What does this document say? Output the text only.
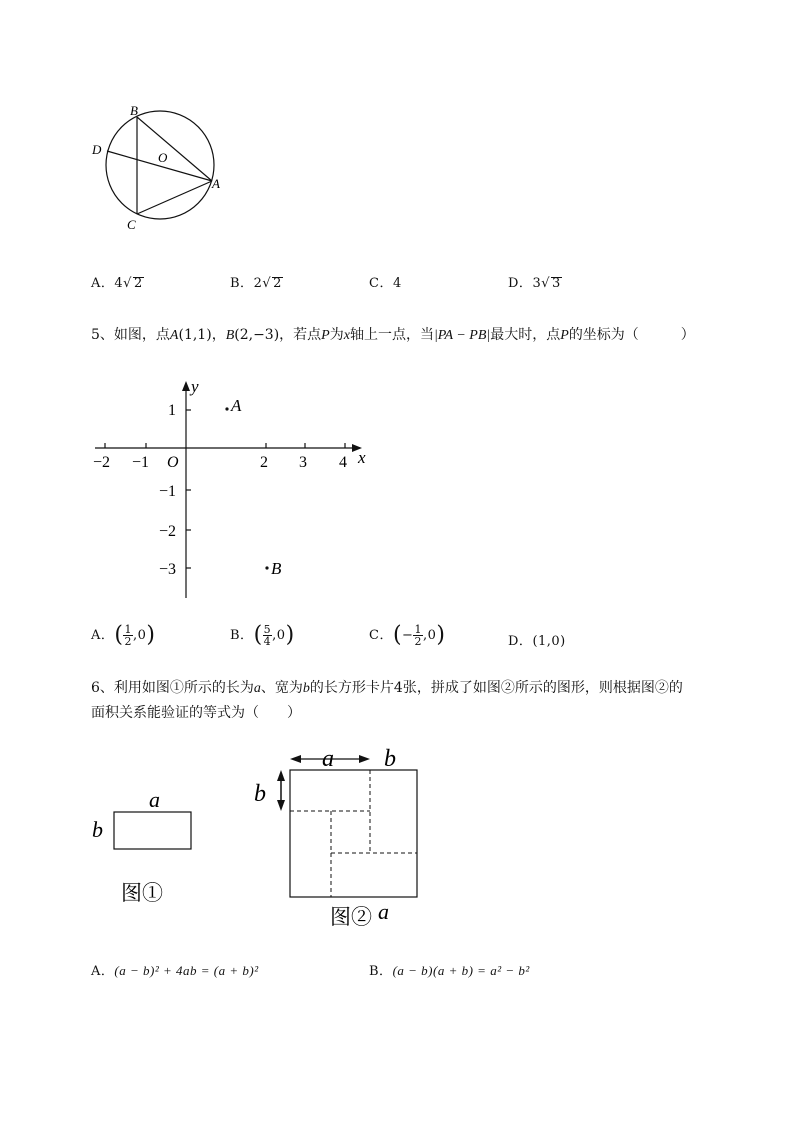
B
D
O
A
C
A．4√ 2	B．2√ 2	C．4	D．3√ 3
5、如图，点A(1,1)，B(2,−3)，若点P为x轴上一点，当|PA − PB|最大时，点P的坐标为（　　　）
−2 −1 O	2 3 4 x
y
1
−1
−2
−3
A
B
A．( $\frac{1}{2} ,0$)	B．( $\frac{5}{4} ,0$)	C．(− $\frac{1}{2} ,0$)	D．(1,0)
6、利用如图①所示的长为a、宽为b的长方形卡片4张，拼成了如图②所示的图形，则根据图②的
面积关系能验证的等式为（　　）
a
b
图①
a b
b
图② a
A．(a − b)² + 4ab = (a + b)²	B．(a − b)(a + b) = a² − b²
